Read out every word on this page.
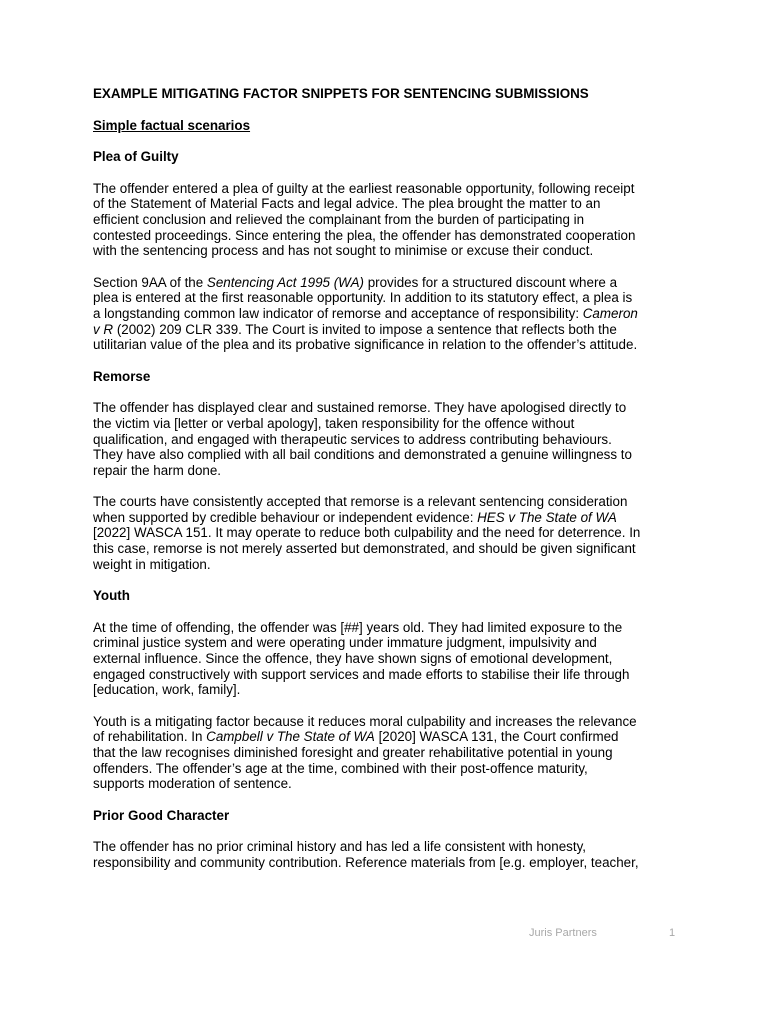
EXAMPLE MITIGATING FACTOR SNIPPETS FOR SENTENCING SUBMISSIONS
Simple factual scenarios
Plea of Guilty
The offender entered a plea of guilty at the earliest reasonable opportunity, following receipt
of the Statement of Material Facts and legal advice. The plea brought the matter to an
efficient conclusion and relieved the complainant from the burden of participating in
contested proceedings. Since entering the plea, the offender has demonstrated cooperation
with the sentencing process and has not sought to minimise or excuse their conduct.
Section 9AA of the Sentencing Act 1995 (WA) provides for a structured discount where a
plea is entered at the first reasonable opportunity. In addition to its statutory effect, a plea is
a longstanding common law indicator of remorse and acceptance of responsibility: Cameron
v R (2002) 209 CLR 339. The Court is invited to impose a sentence that reflects both the
utilitarian value of the plea and its probative significance in relation to the offender’s attitude.
Remorse
The offender has displayed clear and sustained remorse. They have apologised directly to
the victim via [letter or verbal apology], taken responsibility for the offence without
qualification, and engaged with therapeutic services to address contributing behaviours.
They have also complied with all bail conditions and demonstrated a genuine willingness to
repair the harm done.
The courts have consistently accepted that remorse is a relevant sentencing consideration
when supported by credible behaviour or independent evidence: HES v The State of WA
[2022] WASCA 151. It may operate to reduce both culpability and the need for deterrence. In
this case, remorse is not merely asserted but demonstrated, and should be given significant
weight in mitigation.
Youth
At the time of offending, the offender was [##] years old. They had limited exposure to the
criminal justice system and were operating under immature judgment, impulsivity and
external influence. Since the offence, they have shown signs of emotional development,
engaged constructively with support services and made efforts to stabilise their life through
[education, work, family].
Youth is a mitigating factor because it reduces moral culpability and increases the relevance
of rehabilitation. In Campbell v The State of WA [2020] WASCA 131, the Court confirmed
that the law recognises diminished foresight and greater rehabilitative potential in young
offenders. The offender’s age at the time, combined with their post-offence maturity,
supports moderation of sentence.
Prior Good Character
The offender has no prior criminal history and has led a life consistent with honesty,
responsibility and community contribution. Reference materials from [e.g. employer, teacher,
Juris Partners	1
